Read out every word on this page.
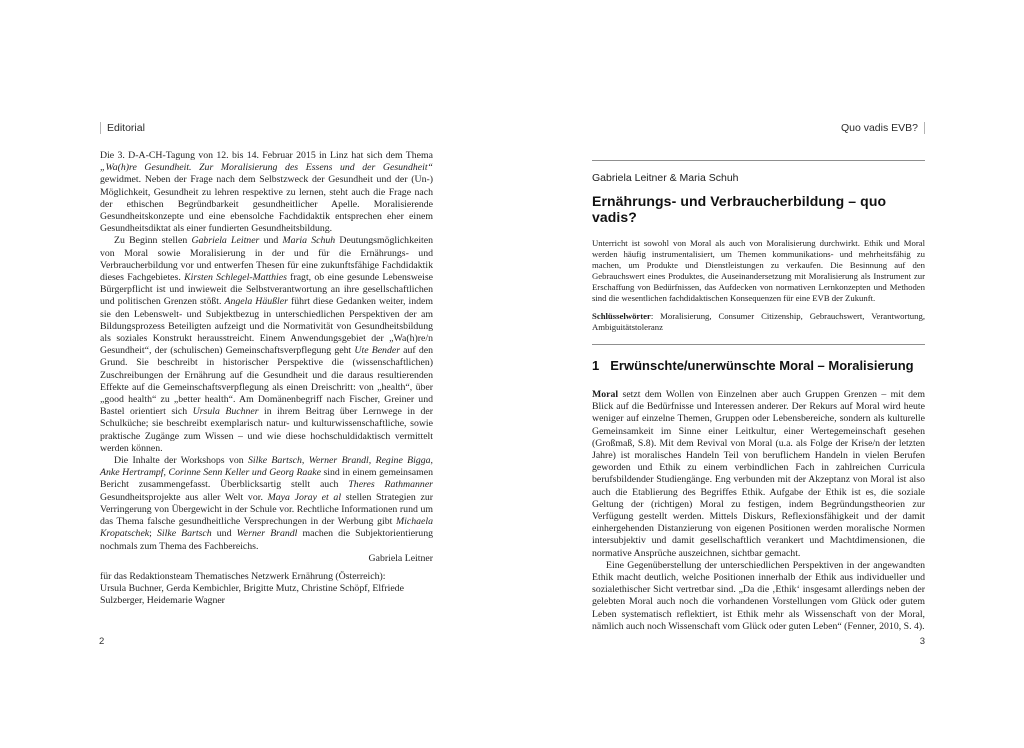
Editorial

Die 3. D-A-CH-Tagung von 12. bis 14. Februar 2015 in Linz hat sich dem Thema „Wa(h)re Gesundheit. Zur Moralisierung des Essens und der Gesundheit“ gewidmet. Neben der Frage nach dem Selbstzweck der Gesundheit und der (Un-) Möglichkeit, Gesundheit zu lehren respektive zu lernen, steht auch die Frage nach der ethischen Begründbarkeit gesundheitlicher Apelle. Moralisierende Gesundheitskonzepte und eine ebensolche Fachdidaktik entsprechen eher einem Gesundheitsdiktat als einer fundierten Gesundheitsbildung.

Zu Beginn stellen Gabriela Leitner und Maria Schuh Deutungsmöglichkeiten von Moral sowie Moralisierung in der und für die Ernährungs- und Verbraucherbildung vor und entwerfen Thesen für eine zukunftsfähige Fachdidaktik dieses Fachgebietes. Kirsten Schlegel-Matthies fragt, ob eine gesunde Lebensweise Bürgerpflicht ist und inwieweit die Selbstverantwortung an ihre gesellschaftlichen und politischen Grenzen stößt. Angela Häußler führt diese Gedanken weiter, indem sie den Lebenswelt- und Subjektbezug in unterschiedlichen Perspektiven der am Bildungsprozess Beteiligten aufzeigt und die Normativität von Gesundheitsbildung als soziales Konstrukt herausstreicht. Einem Anwendungsgebiet der „Wa(h)re/n Gesundheit“, der (schulischen) Gemeinschaftsverpflegung geht Ute Bender auf den Grund. Sie beschreibt in historischer Perspektive die (wissenschaftlichen) Zuschreibungen der Ernährung auf die Gesundheit und die daraus resultierenden Effekte auf die Gemeinschaftsverpflegung als einen Dreischritt: von „health“, über „good health“ zu „better health“. Am Domänenbegriff nach Fischer, Greiner und Bastel orientiert sich Ursula Buchner in ihrem Beitrag über Lernwege in der Schulküche; sie beschreibt exemplarisch natur- und kulturwissenschaftliche, sowie praktische Zugänge zum Wissen – und wie diese hochschuldidaktisch vermittelt werden können.

Die Inhalte der Workshops von Silke Bartsch, Werner Brandl, Regine Bigga, Anke Hertrampf, Corinne Senn Keller und Georg Raake sind in einem gemeinsamen Bericht zusammengefasst. Überblicksartig stellt auch Theres Rathmanner Gesundheitsprojekte aus aller Welt vor. Maya Joray et al stellen Strategien zur Verringerung von Übergewicht in der Schule vor. Rechtliche Informationen rund um das Thema falsche gesundheitliche Versprechungen in der Werbung gibt Michaela Kropatschek; Silke Bartsch und Werner Brandl machen die Subjektorientierung nochmals zum Thema des Fachbereichs.

Gabriela Leitner

für das Redaktionsteam Thematisches Netzwerk Ernährung (Österreich):
Ursula Buchner, Gerda Kembichler, Brigitte Mutz, Christine Schöpf, Elfriede Sulzberger, Heidemarie Wagner
Quo vadis EVB?
Gabriela Leitner & Maria Schuh
Ernährungs- und Verbraucherbildung – quo vadis?

Unterricht ist sowohl von Moral als auch von Moralisierung durchwirkt. Ethik und Moral werden häufig instrumentalisiert, um Themen kommunikations- und mehrheitsfähig zu machen, um Produkte und Dienstleistungen zu verkaufen. Die Besinnung auf den Gebrauchswert eines Produktes, die Auseinandersetzung mit Moralisierung als Instrument zur Erschaffung von Bedürfnissen, das Aufdecken von normativen Lernkonzepten und Methoden sind die wesentlichen fachdidaktischen Konsequenzen für eine EVB der Zukunft.

Schlüsselwörter: Moralisierung, Consumer Citizenship, Gebrauchswert, Verantwortung, Ambiguitätstoleranz

1 Erwünschte/unerwünschte Moral – Moralisierung

Moral setzt dem Wollen von Einzelnen aber auch Gruppen Grenzen – mit dem Blick auf die Bedürfnisse und Interessen anderer. Der Rekurs auf Moral wird heute weniger auf einzelne Themen, Gruppen oder Lebensbereiche, sondern als kulturelle Gemeinsamkeit im Sinne einer Leitkultur, einer Wertegemeinschaft gesehen (Großmaß, S.8). Mit dem Revival von Moral (u.a. als Folge der Krise/n der letzten Jahre) ist moralisches Handeln Teil von beruflichem Handeln in vielen Berufen geworden und Ethik zu einem verbindlichen Fach in zahlreichen Curricula berufsbildender Studiengänge. Eng verbunden mit der Akzeptanz von Moral ist also auch die Etablierung des Begriffes Ethik. Aufgabe der Ethik ist es, die soziale Geltung der (richtigen) Moral zu festigen, indem Begründungstheorien zur Verfügung gestellt werden. Mittels Diskurs, Reflexionsfähigkeit und der damit einhergehenden Distanzierung von eigenen Positionen werden moralische Normen intersubjektiv und damit gesellschaftlich verankert und Machtdimensionen, die normative Ansprüche auszeichnen, sichtbar gemacht.

Eine Gegenüberstellung der unterschiedlichen Perspektiven in der angewandten Ethik macht deutlich, welche Positionen innerhalb der Ethik aus individueller und sozialethischer Sicht vertretbar sind. „Da die ‚Ethik‘ insgesamt allerdings neben der gelebten Moral auch noch die vorhandenen Vorstellungen vom Glück oder gutem Leben systematisch reflektiert, ist Ethik mehr als Wissenschaft von der Moral, nämlich auch noch Wissenschaft vom Glück oder guten Leben“ (Fenner, 2010, S. 4).

2	3
